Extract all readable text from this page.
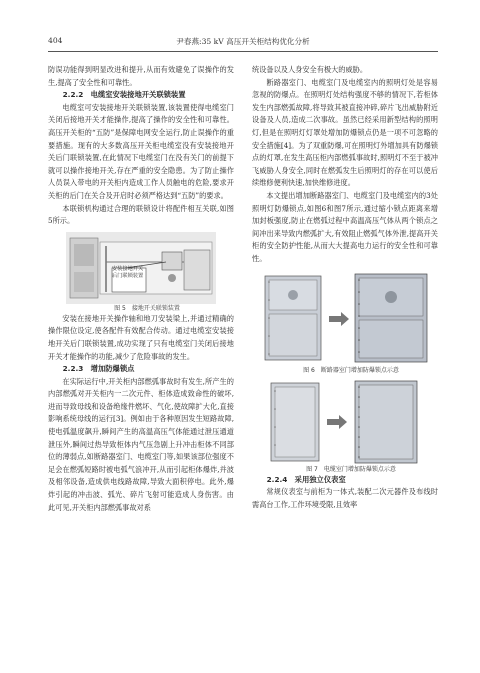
404	尹春燕:35 kV 高压开关柜结构优化分析

防误功能得到明显改进和提升,从而有效避免了误操作的发生,提高了安全性和可靠性。

2.2.2　电缆室安装接地开关联锁装置

电缆室可安装接地开关联锁装置,该装置使得电缆室门关闭后接地开关才能操作,提高了操作的安全性和可靠性。高压开关柜的“五防”是保障电网安全运行,防止误操作的重要措施。现有的大多数高压开关柜电缆室没有安装接地开关后门联锁装置,在此情况下电缆室门在没有关门的前提下就可以操作接地开关,存在严重的安全隐患。为了防止操作人员误入带电的开关柜内造成工作人员触电的危险,要求开关柜的后门在关合及开启时必须严格达到“五防”的要求。

本联锁机构通过合理的联锁设计将配件相互关联,如图5所示。

安装接地开关后门联锁装置

图 5　接地开关联锁装置

安装在接地开关操作轴和地刀安装梁上,并通过精确的操作限位设定,使各配件有效配合传动。通过电缆室安装接地开关后门联锁装置,成功实现了只有电缆室门关闭后接地开关才能操作的功能,减少了危险事故的发生。

2.2.3　增加防爆锁点

在实际运行中,开关柜内部燃弧事故时有发生,所产生的内部燃弧对开关柜内一二次元件、柜体造成致命性的破坏,进而导致母线和设备绝缘件燃坏、气化,使故障扩大化,直接影响系统母线的运行[3]。例如由于各种原因发生短路故障,使电弧温度飙升,瞬间产生的高温高压气体能通过泄压通道泄压外,瞬间过热导致柜体内气压急剧上升冲击柜体不同部位的薄弱点,如断路器室门、电缆室门等,如果该部位强度不足会在燃弧短路时被电弧气浪冲开,从而引起柜体爆炸,并波及相邻设备,造成供电线路故障,导致大面积停电。此外,爆炸引起的冲击波、弧光、碎片飞射可能造成人身伤害。由此可见,开关柜内部燃弧事故对系

统设备以及人身安全有极大的威胁。

断路器室门、电缆室门及电缆室内的照明灯处是容易忽视的防爆点。在照明灯处结构强度不够的情况下,若柜体发生内部燃弧故障,将导致其被直接冲碎,碎片飞出威胁附近设备及人员,造成二次事故。虽然已经采用新型结构的照明灯,但是在照明灯灯罩处增加防爆锁点仍是一项不可忽略的安全措施[4]。为了双重防爆,可在照明灯外增加具有防爆锁点的灯罩,在发生高压柜内部燃弧事故时,照明灯不至于被冲飞威胁人身安全,同时在燃弧发生后照明灯的存在可以使后续维修便利快速,加快维修进度。

本文提出增加断路器室门、电缆室门及电缆室内的3处照明灯防爆锁点,如图6和图7所示,通过缩小锁点距离来增加封板强度,防止在燃弧过程中高温高压气体从两个锁点之间冲出来导致内燃弧扩大,有效阻止燃弧气体外泄,提高开关柜的安全防护性能,从而大大提高电力运行的安全性和可靠性。

图 6　断路器室门增加防爆锁点示意

图 7　电缆室门增加防爆锁点示意

2.2.4　采用独立仪表室

常规仪表室与前柜为一体式,装配二次元器件及布线时需高台工作,工作环境受限,且效率
